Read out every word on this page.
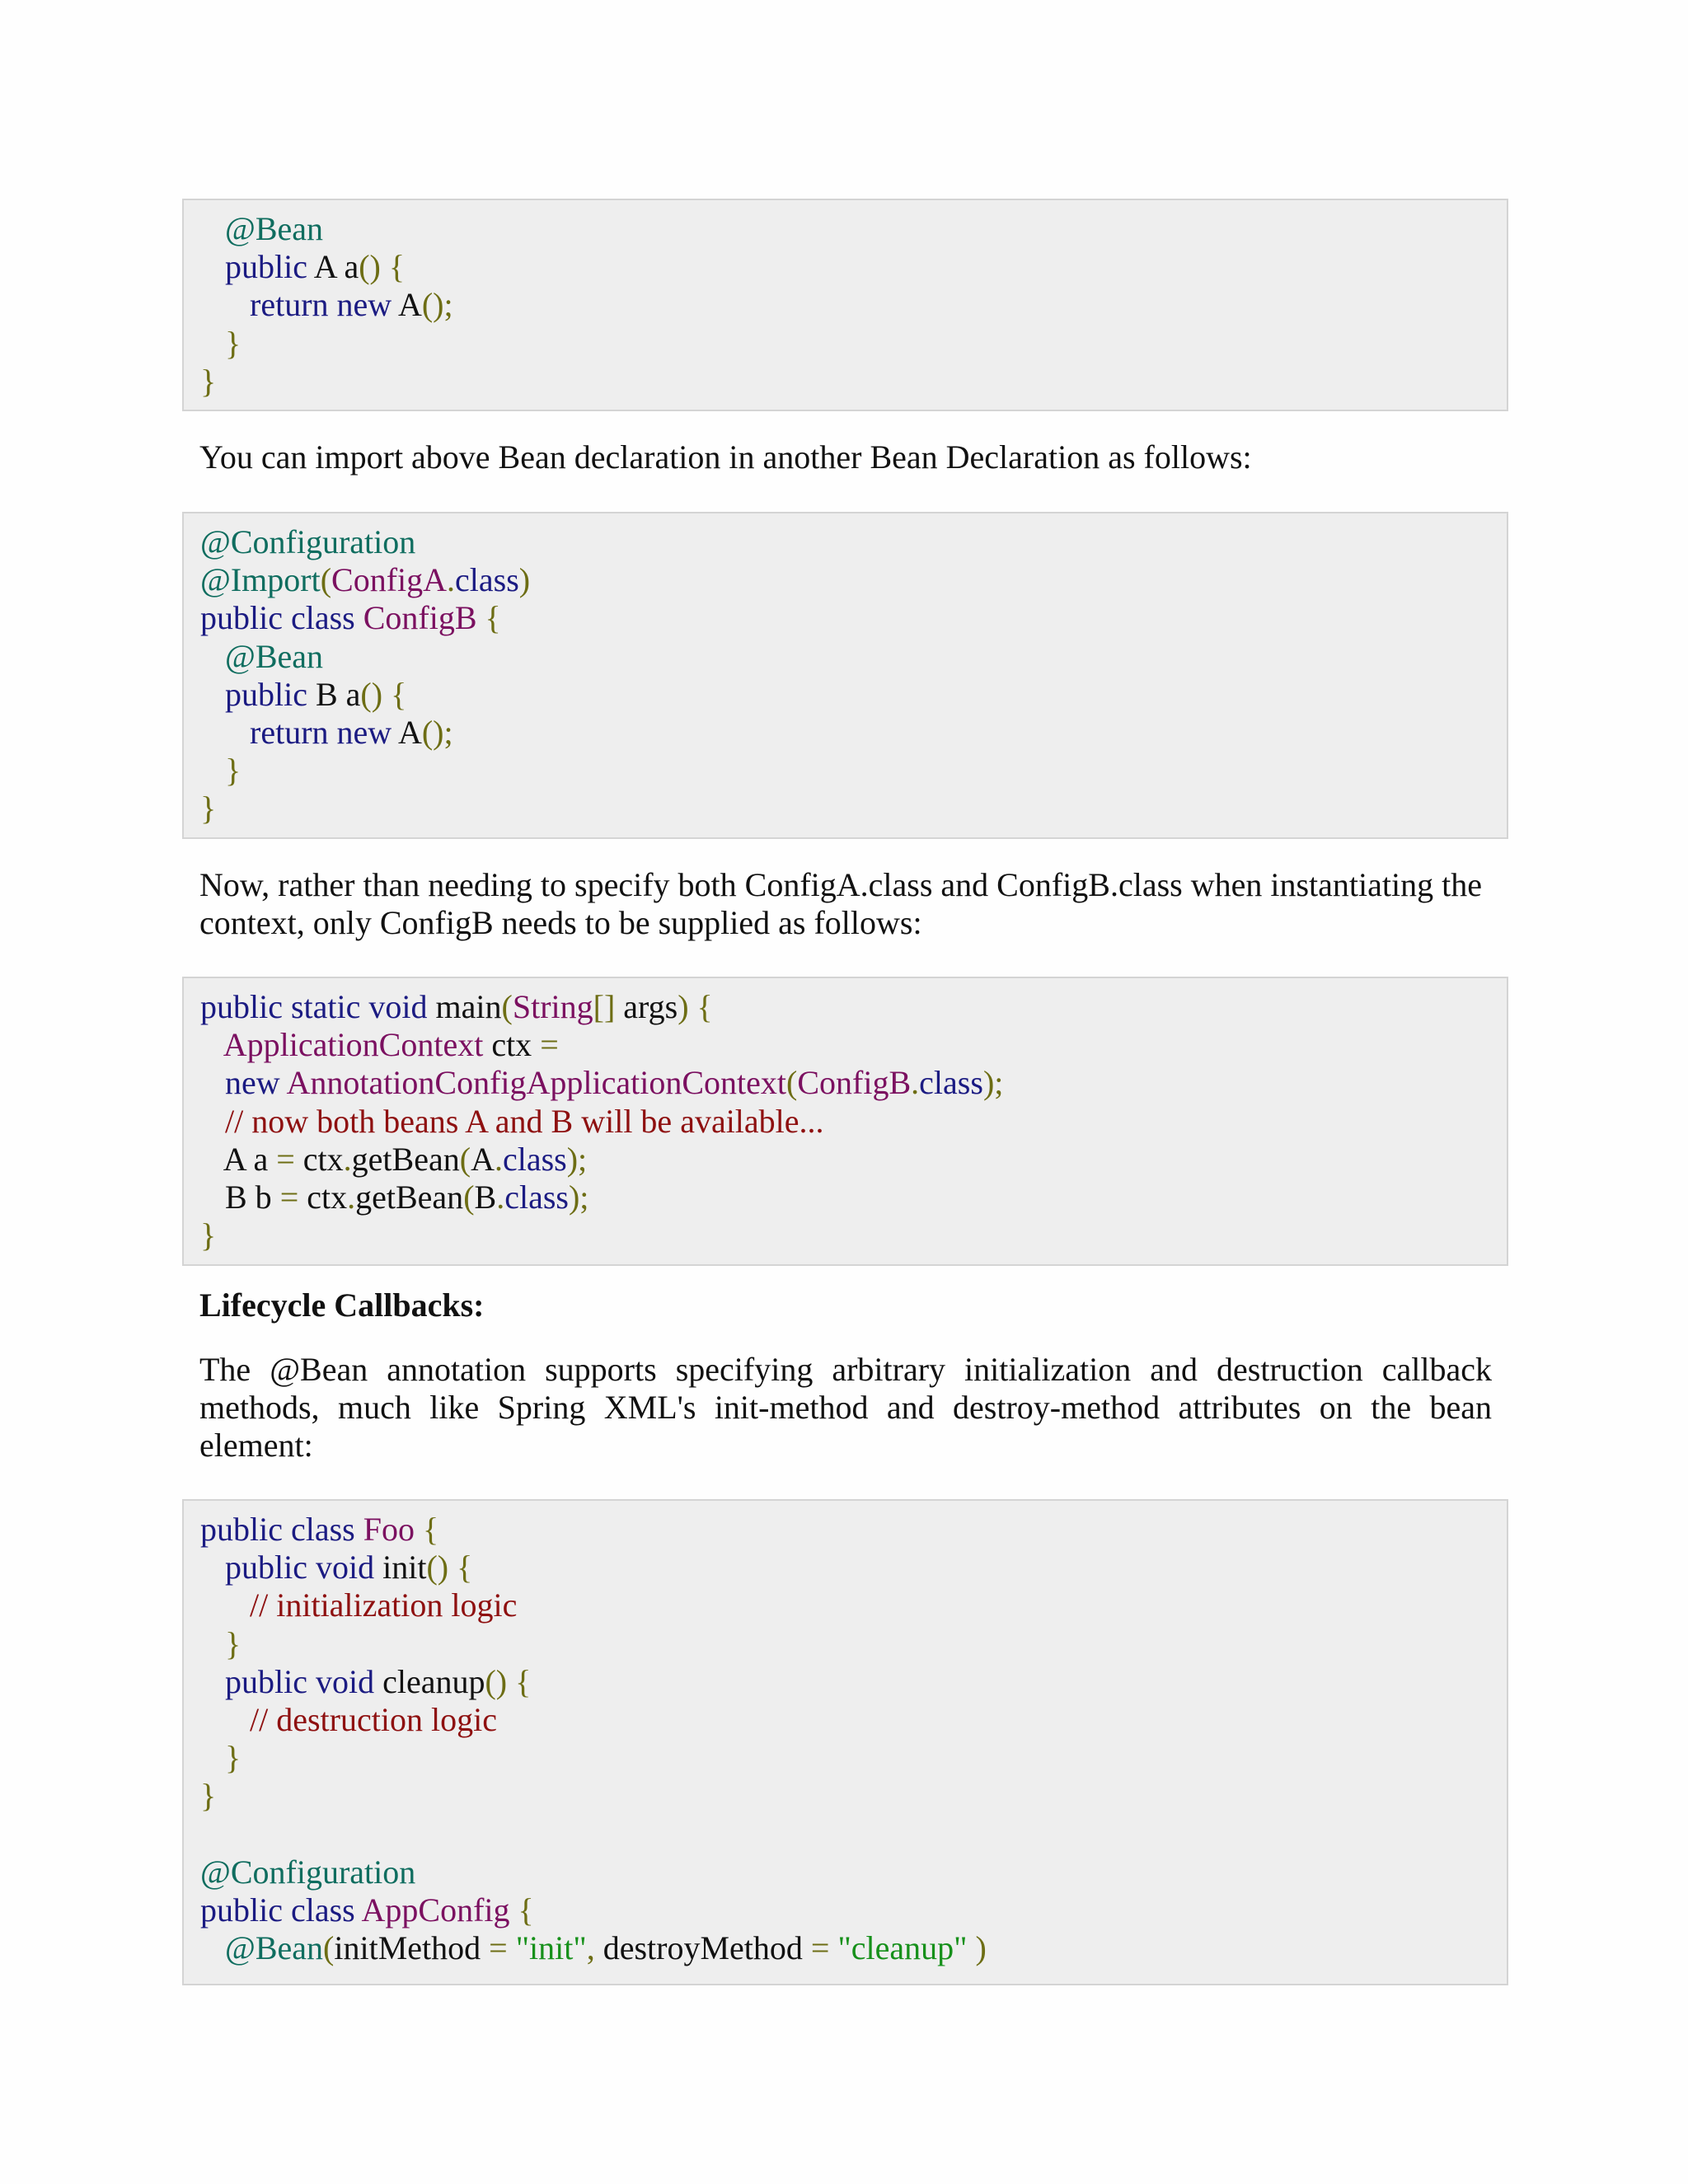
@Bean
public A a() {
return new A();
}
}

You can import above Bean declaration in another Bean Declaration as follows:

@Configuration
@Import(ConfigA.class)
public class ConfigB {
@Bean
public B a() {
return new A();
}
}

Now, rather than needing to specify both ConfigA.class and ConfigB.class when instantiating the context, only ConfigB needs to be supplied as follows:

public static void main(String[] args) {
ApplicationContext ctx =
new AnnotationConfigApplicationContext(ConfigB.class);
// now both beans A and B will be available...
A a = ctx.getBean(A.class);
B b = ctx.getBean(B.class);
}
Lifecycle Callbacks:

The @Bean annotation supports specifying arbitrary initialization and destruction callback methods, much like Spring XML's init-method and destroy-method attributes on the bean element:

public class Foo {
public void init() {
// initialization logic
}
public void cleanup() {
// destruction logic
}
}
@Configuration
public class AppConfig {
@Bean(initMethod = "init", destroyMethod = "cleanup" )
